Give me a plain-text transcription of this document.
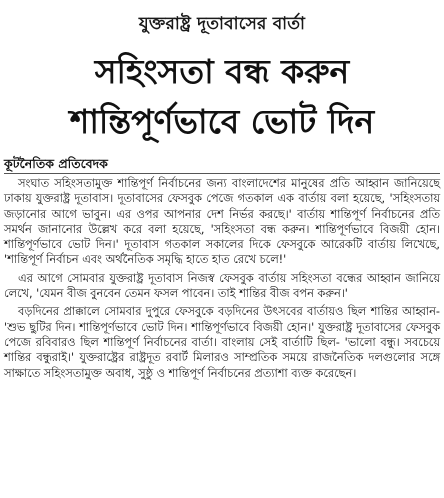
যুক্তরাষ্ট্র দূতাবাসের বার্তা
সহিংসতা বন্ধ করুন
শান্তিপূর্ণভাবে ভোট দিন
কূটনৈতিক প্রতিবেদক

সংঘাত সহিংসতামুক্ত শান্তিপূর্ণ নির্বাচনের জন্য বাংলাদেশের মানুষের প্রতি আহ্বান জানিয়েছে ঢাকায় যুক্তরাষ্ট্র দূতাবাস। দূতাবাসের ফেসবুক পেজে গতকাল এক বার্তায় বলা হয়েছে, 'সহিংসতায় জড়ানোর আগে ভাবুন। এর ওপর আপনার দেশ নির্ভর করছে।' বার্তায় শান্তিপূর্ণ নির্বাচনের প্রতি সমর্থন জানানোর উল্লেখ করে বলা হয়েছে, 'সহিংসতা বন্ধ করুন। শান্তিপূর্ণভাবে বিজয়ী হোন। শান্তিপূর্ণভাবে ভোট দিন।' দূতাবাস গতকাল সকালের দিকে ফেসবুকে আরেকটি বার্তায় লিখেছে, 'শান্তিপূর্ণ নির্বাচন এবং অর্থনৈতিক সমৃদ্ধি হাতে হাত রেখে চলে!'

এর আগে সোমবার যুক্তরাষ্ট্র দূতাবাস নিজস্ব ফেসবুক বার্তায় সহিংসতা বন্ধের আহ্বান জানিয়ে লেখে, 'যেমন বীজ বুনবেন তেমন ফসল পাবেন। তাই শান্তির বীজ বপন করুন।'

বড়দিনের প্রাক্কালে সোমবার দুপুরে ফেসবুকে বড়দিনের উৎসবের বার্তায়ও ছিল শান্তির আহ্বান- 'শুভ ছুটির দিন। শান্তিপূর্ণভাবে ভোট দিন। শান্তিপূর্ণভাবে বিজয়ী হোন।' যুক্তরাষ্ট্র দূতাবাসের ফেসবুক পেজে রবিবারও ছিল শান্তিপূর্ণ নির্বাচনের বার্তা। বাংলায় সেই বার্তাটি ছিল- 'ভালো বন্ধু। সবচেয়ে শান্তির বন্ধুরাই।' যুক্তরাষ্ট্রের রাষ্ট্রদূত রবার্ট মিলারও সাম্প্রতিক সময়ে রাজনৈতিক দলগুলোর সঙ্গে সাক্ষাতে সহিংসতামুক্ত অবাধ, সুষ্ঠু ও শান্তিপূর্ণ নির্বাচনের প্রত্যাশা ব্যক্ত করেছেন।
